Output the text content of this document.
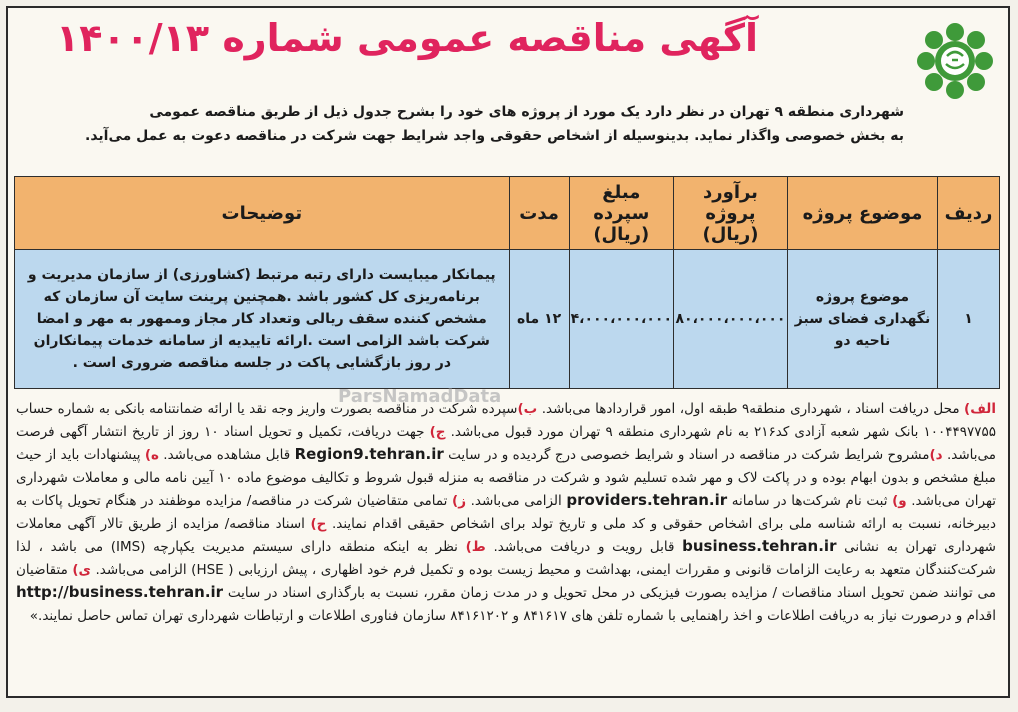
آگهی مناقصه عمومی شماره ۱۴۰۰/۱۳
شهرداری منطقه ۹ تهران در نظر دارد یک مورد از پروژه های خود را بشرح جدول ذیل از طریق مناقصه عمومی
به بخش خصوصی واگذار نماید. بدینوسیله از اشخاص حقوقی واجد شرایط جهت شرکت در مناقصه دعوت به عمل می‌آید.
ردیف	موضوع پروژه	برآورد پروژه (ریال)	مبلغ سپرده (ریال)	مدت	توضیحات
۱	موضوع پروژه نگهداری فضای سبز ناحیه دو	۸۰،۰۰۰،۰۰۰،۰۰۰	۴،۰۰۰،۰۰۰،۰۰۰	۱۲ ماه	پیمانکار میبایست دارای رتبه مرتبط (کشاورزی) از سازمان مدیریت و برنامه‌ریزی کل کشور باشد .همچنین پرینت سایت آن سازمان که مشخص کننده سقف ریالی وتعداد کار مجاز وممهور به مهر و امضا شرکت باشد الزامی است .ارائه تاییدیه از سامانه خدمات پیمانکاران در روز بازگشایی پاکت در جلسه مناقصه ضروری است .
ParsNamadData
الف) محل دریافت اسناد ، شهرداری منطقه۹ طبقه اول، امور قراردادها می‌باشد. ب)سپرده شرکت در مناقصه بصورت واریز وجه نقد یا ارائه ضمانتنامه بانکی به شماره حساب ۱۰۰۴۴۹۷۷۵۵ بانک شهر شعبه آزادی کد۲۱۶ به نام شهرداری منطقه ۹ تهران مورد قبول می‌باشد. ج) جهت دریافت، تکمیل و تحویل اسناد ۱۰ روز از تاریخ انتشار آگهی فرصت می‌باشد. د)مشروح شرایط شرکت در مناقصه در اسناد و شرایط خصوصی درج گردیده و در سایت Region9.tehran.ir قابل مشاهده می‌باشد. ه) پیشنهادات باید از حیث مبلغ مشخص و بدون ابهام بوده و در پاکت لاک و مهر شده تسلیم شود و شرکت در مناقصه به منزله قبول شروط و تکالیف موضوع ماده ۱۰ آیین نامه مالی و معاملات شهرداری تهران می‌باشد. و) ثبت نام شرکت‌ها در سامانه providers.tehran.ir الزامی می‌باشد. ز) تمامی متقاضیان شرکت در مناقصه/ مزایده موظفند در هنگام تحویل پاکات به دبیرخانه، نسبت به ارائه شناسه ملی برای اشخاص حقوقی و کد ملی و تاریخ تولد برای اشخاص حقیقی اقدام نمایند. ح) اسناد مناقصه/ مزایده از طریق تالار آگهی معاملات شهرداری تهران به نشانی business.tehran.ir قابل رویت و دریافت می‌باشد. ط) نظر به اینکه منطقه دارای سیستم مدیریت یکپارچه (IMS) می باشد ، لذا شرکت‌کنندگان متعهد به رعایت الزامات قانونی و مقررات ایمنی، بهداشت و محیط زیست بوده و تکمیل فرم خود اظهاری ، پیش ارزیابی ( HSE) الزامی می‌باشد. ی) متقاضیان می توانند ضمن تحویل اسناد مناقصات / مزایده بصورت فیزیکی در محل تحویل و در مدت زمان مقرر، نسبت به بارگذاری اسناد در سایت http://business.tehran.ir اقدام و درصورت نیاز به دریافت اطلاعات و اخذ راهنمایی با شماره تلفن های ۸۴۱۶۱۷ و ۸۴۱۶۱۲۰۲ سازمان فناوری اطلاعات و ارتباطات شهرداری تهران تماس حاصل نمایند.»
